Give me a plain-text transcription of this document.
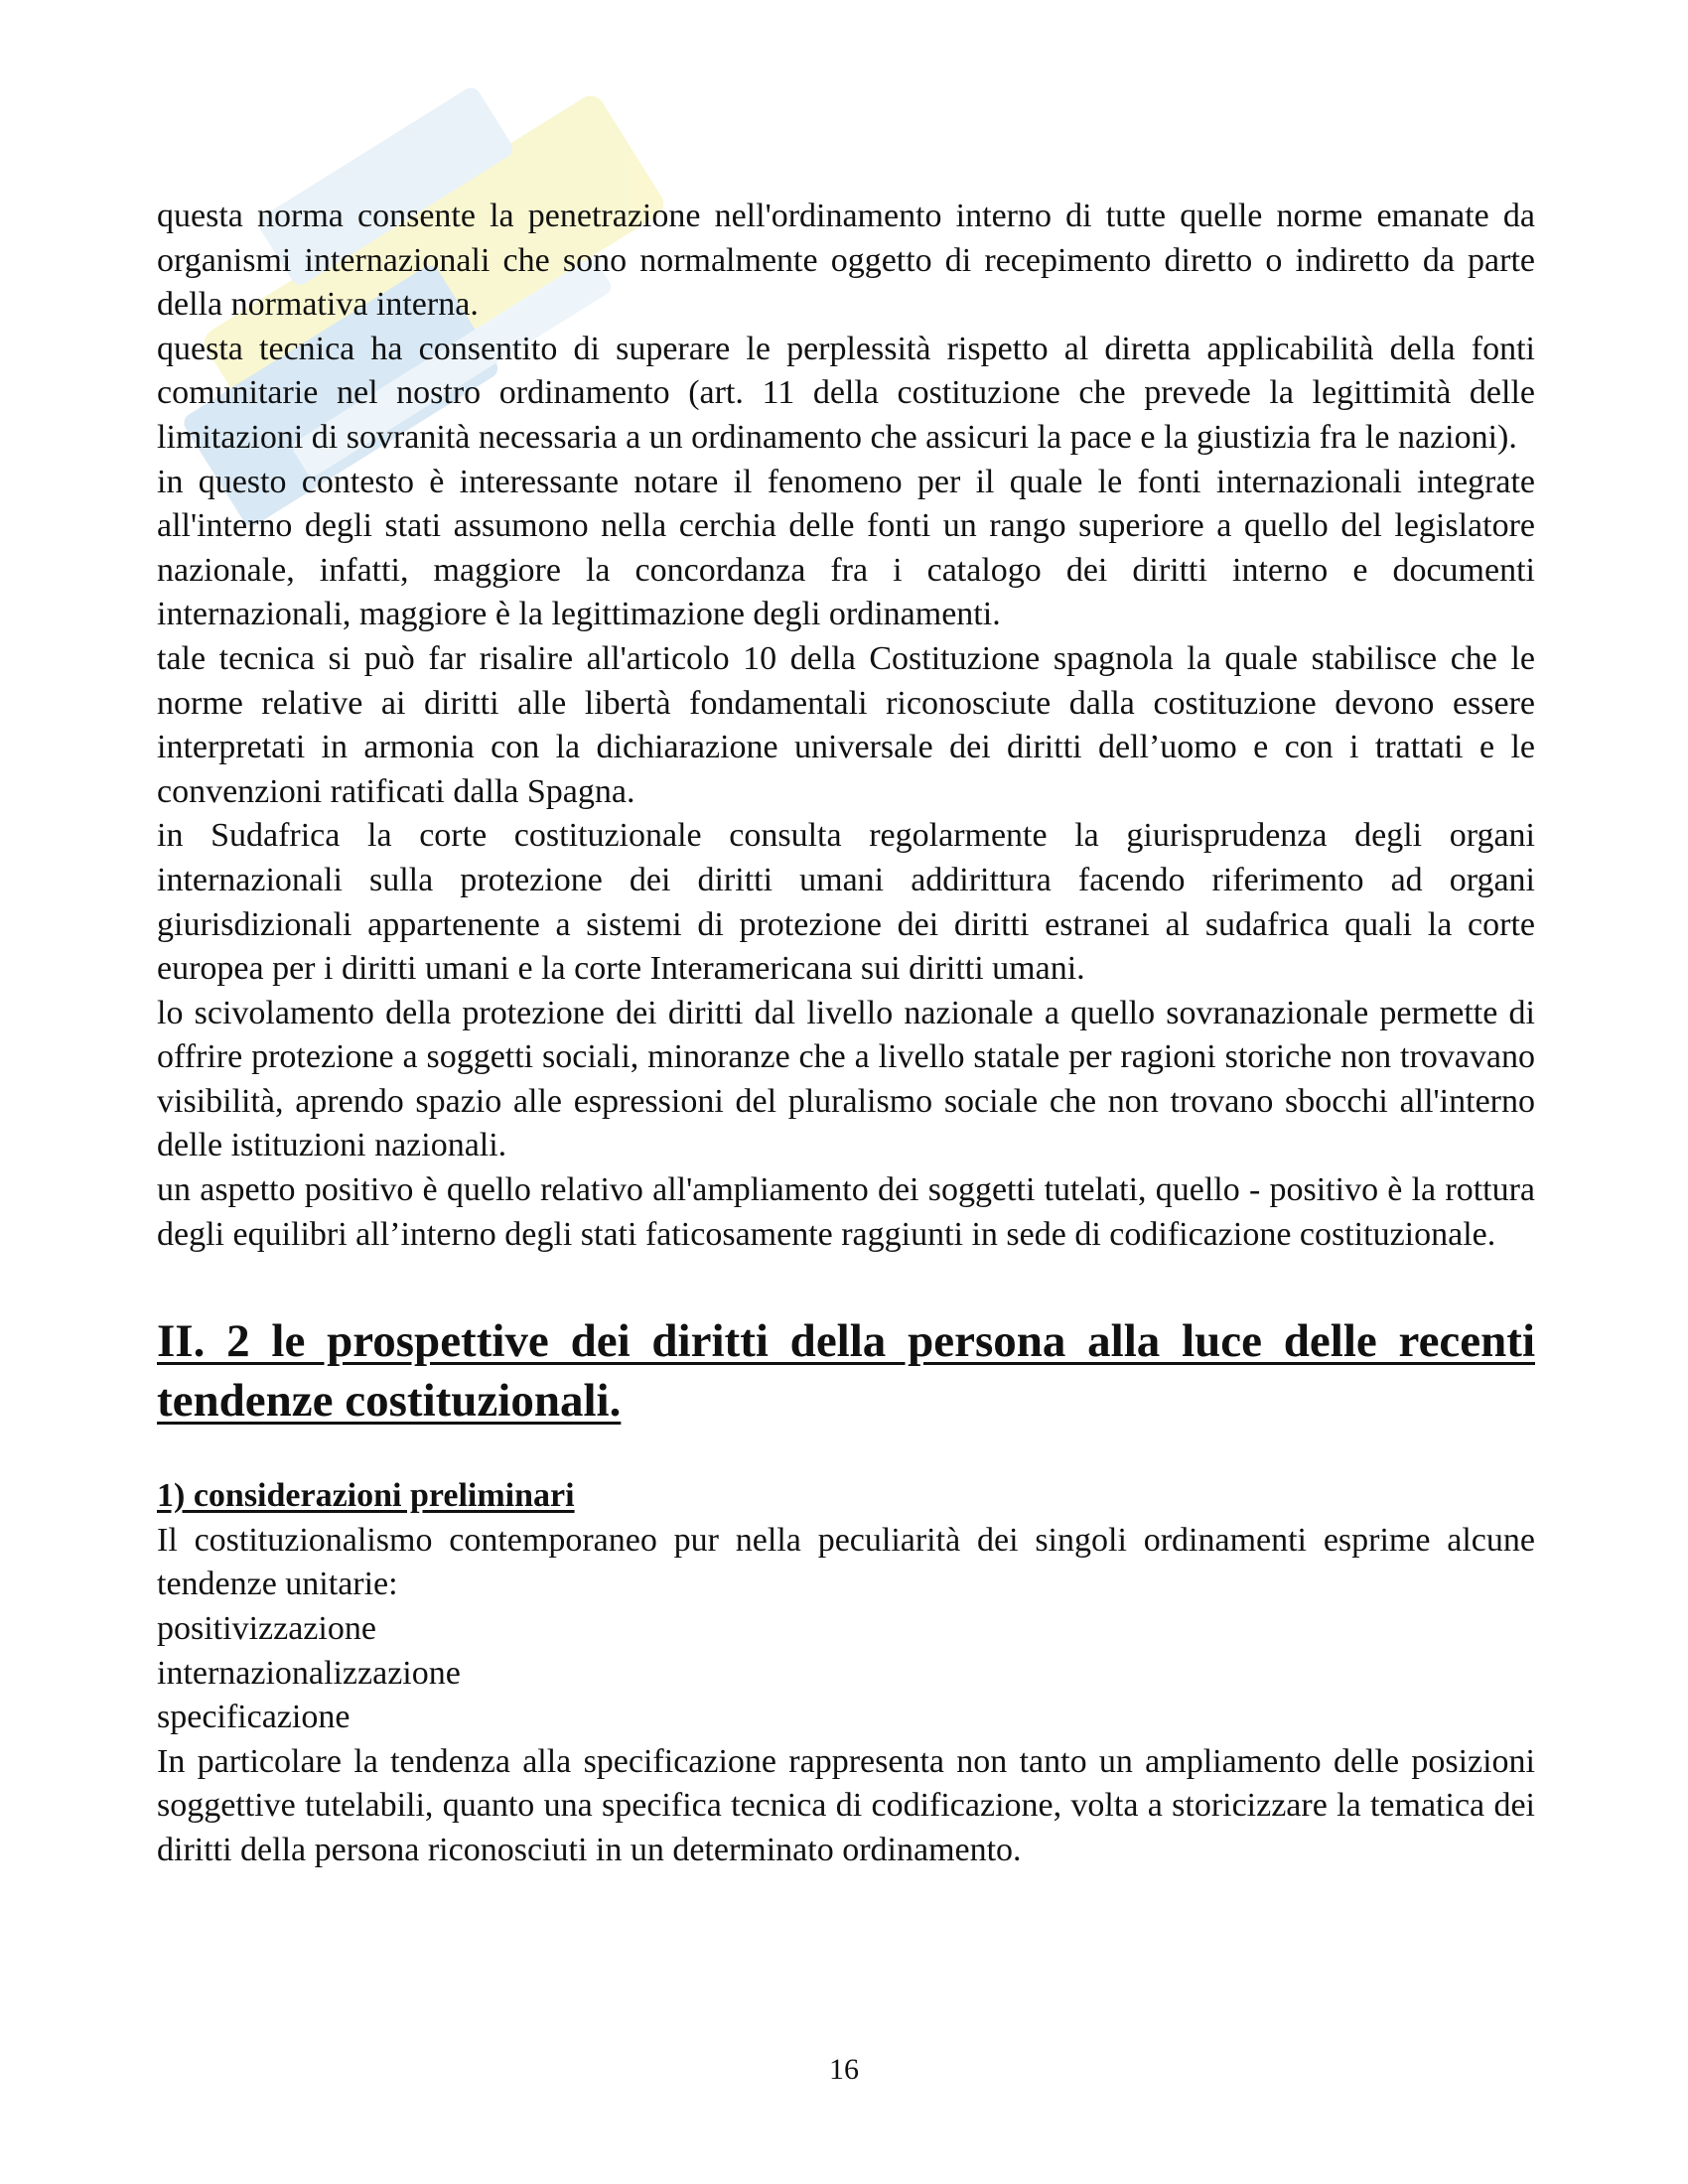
questa norma consente la penetrazione nell'ordinamento interno di tutte quelle norme emanate da organismi internazionali che sono normalmente oggetto di recepimento diretto o indiretto da parte della normativa interna.

questa tecnica ha consentito di superare le perplessità rispetto al diretta applicabilità della fonti comunitarie nel nostro ordinamento (art. 11 della costituzione che prevede la legittimità delle limitazioni di sovranità necessaria a un ordinamento che assicuri la pace e la giustizia fra le nazioni).

in questo contesto è interessante notare il fenomeno per il quale le fonti internazionali integrate all'interno degli stati assumono nella cerchia delle fonti un rango superiore a quello del legislatore nazionale, infatti, maggiore la concordanza fra i catalogo dei diritti interno e documenti internazionali, maggiore è la legittimazione degli ordinamenti.

tale tecnica si può far risalire all'articolo 10 della Costituzione spagnola la quale stabilisce che le norme relative ai diritti alle libertà fondamentali riconosciute dalla costituzione devono essere interpretati in armonia con la dichiarazione universale dei diritti dell’uomo e con i trattati e le convenzioni ratificati dalla Spagna.

in Sudafrica la corte costituzionale consulta regolarmente la giurisprudenza degli organi internazionali sulla protezione dei diritti umani addirittura facendo riferimento ad organi giurisdizionali appartenente a sistemi di protezione dei diritti estranei al sudafrica quali la corte europea per i diritti umani e la corte Interamericana sui diritti umani.

lo scivolamento della protezione dei diritti dal livello nazionale a quello sovranazionale permette di offrire protezione a soggetti sociali, minoranze che a livello statale per ragioni storiche non trovavano visibilità, aprendo spazio alle espressioni del pluralismo sociale che non trovano sbocchi all'interno delle istituzioni nazionali.

un aspetto positivo è quello relativo all'ampliamento dei soggetti tutelati, quello - positivo è la rottura degli equilibri all’interno degli stati faticosamente raggiunti in sede di codificazione costituzionale.

II. 2 le prospettive dei diritti della persona alla luce delle recenti tendenze costituzionali.
1) considerazioni preliminari

Il costituzionalismo contemporaneo pur nella peculiarità dei singoli ordinamenti esprime alcune tendenze unitarie:

positivizzazione
internazionalizzazione
specificazione

In particolare la tendenza alla specificazione rappresenta non tanto un ampliamento delle posizioni soggettive tutelabili, quanto una specifica tecnica di codificazione, volta a storicizzare la tematica dei diritti della persona riconosciuti in un determinato ordinamento.

16
